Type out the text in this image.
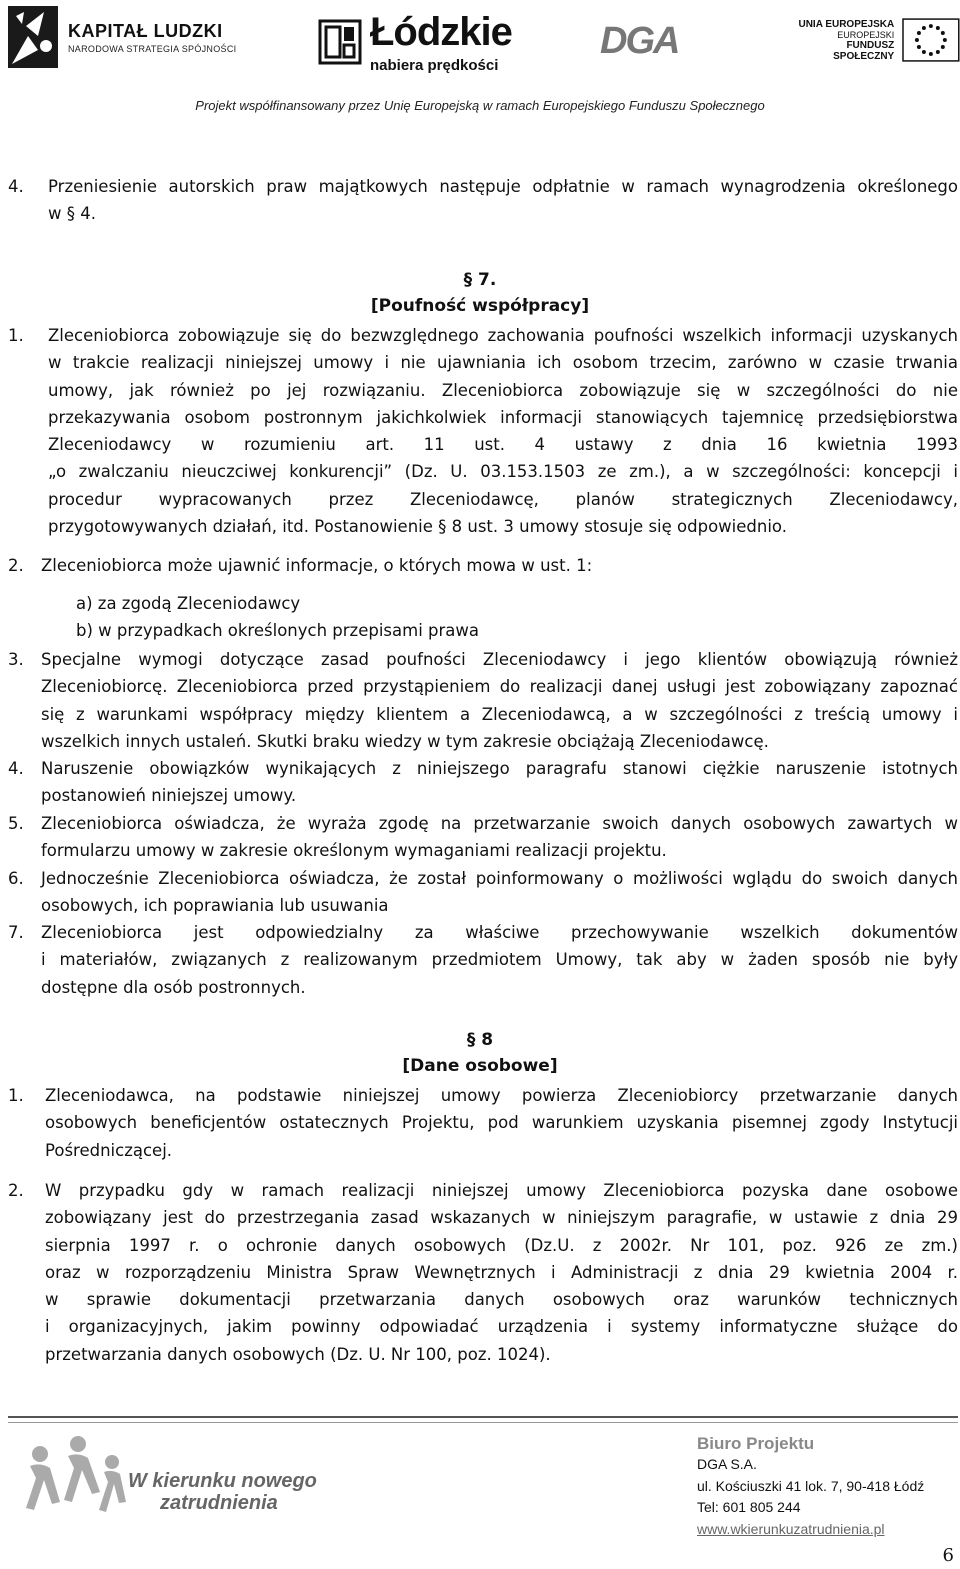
KAPITAŁ LUDZKI
NARODOWA STRATEGIA SPÓJNOŚCI	Łódzkie
nabiera prędkości
DGA	UNIA EUROPEJSKA
EUROPEJSKI
FUNDUSZ SPOŁECZNY
Projekt współfinansowany przez Unię Europejską w ramach Europejskiego Funduszu Społecznego
4. Przeniesienie autorskich praw majątkowych następuje odpłatnie w ramach wynagrodzenia określonego
w § 4.
§ 7.
[Poufność współpracy]
1. Zleceniobiorca zobowiązuje się do bezwzględnego zachowania poufności wszelkich informacji uzyskanych
w trakcie realizacji niniejszej umowy i nie ujawniania ich osobom trzecim, zarówno w czasie trwania
umowy, jak również po jej rozwiązaniu. Zleceniobiorca zobowiązuje się w szczególności do nie
przekazywania osobom postronnym jakichkolwiek informacji stanowiących tajemnicę przedsiębiorstwa
Zleceniodawcy w rozumieniu art. 11 ust. 4 ustawy z dnia 16 kwietnia 1993
„o zwalczaniu nieuczciwej konkurencji” (Dz. U. 03.153.1503 ze zm.), a w szczególności: koncepcji i
procedur wypracowanych przez Zleceniodawcę, planów strategicznych Zleceniodawcy,
przygotowywanych działań, itd. Postanowienie § 8 ust. 3 umowy stosuje się odpowiednio.
2. Zleceniobiorca może ujawnić informacje, o których mowa w ust. 1:
a) za zgodą Zleceniodawcy
b) w przypadkach określonych przepisami prawa
3. Specjalne wymogi dotyczące zasad poufności Zleceniodawcy i jego klientów obowiązują również
Zleceniobiorcę. Zleceniobiorca przed przystąpieniem do realizacji danej usługi jest zobowiązany zapoznać
się z warunkami współpracy między klientem a Zleceniodawcą, a w szczególności z treścią umowy i
wszelkich innych ustaleń. Skutki braku wiedzy w tym zakresie obciążają Zleceniodawcę.
4. Naruszenie obowiązków wynikających z niniejszego paragrafu stanowi ciężkie naruszenie istotnych
postanowień niniejszej umowy.
5. Zleceniobiorca oświadcza, że wyraża zgodę na przetwarzanie swoich danych osobowych zawartych w
formularzu umowy w zakresie określonym wymaganiami realizacji projektu.
6. Jednocześnie Zleceniobiorca oświadcza, że został poinformowany o możliwości wglądu do swoich danych
osobowych, ich poprawiania lub usuwania
7. Zleceniobiorca jest odpowiedzialny za właściwe przechowywanie wszelkich dokumentów
i materiałów, związanych z realizowanym przedmiotem Umowy, tak aby w żaden sposób nie były
dostępne dla osób postronnych.
§ 8
[Dane osobowe]
1. Zleceniodawca, na podstawie niniejszej umowy powierza Zleceniobiorcy przetwarzanie danych
osobowych beneficjentów ostatecznych Projektu, pod warunkiem uzyskania pisemnej zgody Instytucji
Pośredniczącej.
2. W przypadku gdy w ramach realizacji niniejszej umowy Zleceniobiorca pozyska dane osobowe
zobowiązany jest do przestrzegania zasad wskazanych w niniejszym paragrafie, w ustawie z dnia 29
sierpnia 1997 r. o ochronie danych osobowych (Dz.U. z 2002r. Nr 101, poz. 926 ze zm.)
oraz w rozporządzeniu Ministra Spraw Wewnętrznych i Administracji z dnia 29 kwietnia 2004 r.
w sprawie dokumentacji przetwarzania danych osobowych oraz warunków technicznych
i organizacyjnych, jakim powinny odpowiadać urządzenia i systemy informatyczne służące do
przetwarzania danych osobowych (Dz. U. Nr 100, poz. 1024).
W kierunku nowego
zatrudnienia
Biuro Projektu
DGA S.A.
ul. Kościuszki 41 lok. 7, 90-418 Łódź
Tel: 601 805 244
www.wkierunkuzatrudnienia.pl
6
